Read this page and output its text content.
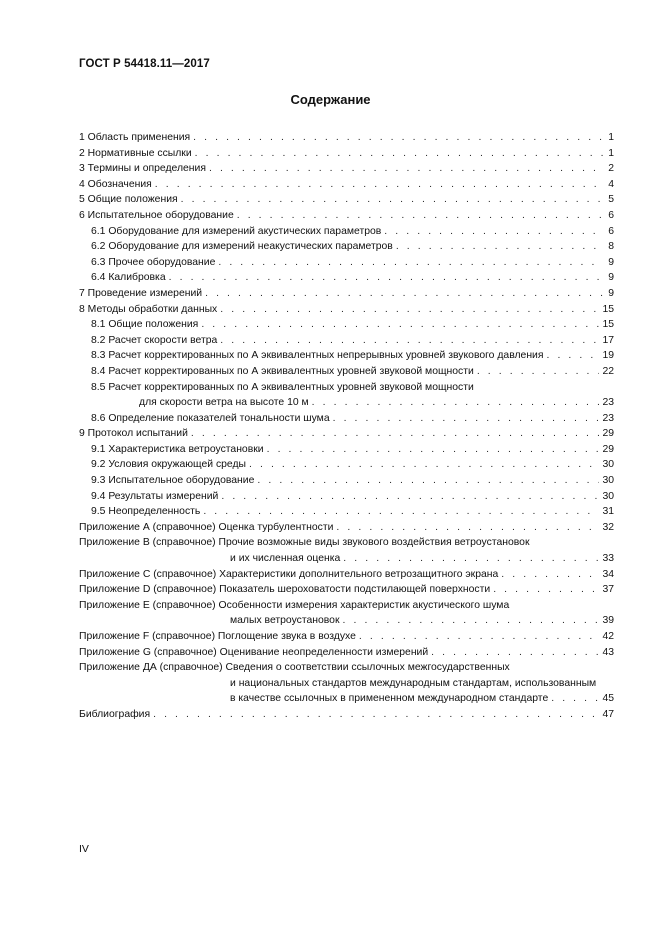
ГОСТ Р 54418.11—2017
Содержание
1 Область применения . . .	1
2 Нормативные ссылки . . .	1
3 Термины и определения . . .	2
4 Обозначения . . .	4
5 Общие положения . . .	5
6 Испытательное оборудование . . .	6
6.1 Оборудование для измерений акустических параметров . . .	6
6.2 Оборудование для измерений неакустических параметров . . .	8
6.3 Прочее оборудование . . .	9
6.4 Калибровка . . .	9
7 Проведение измерений . . .	9
8 Методы обработки данных . . .	15
8.1 Общие положения . . .	15
8.2 Расчет скорости ветра . . .	17
8.3 Расчет корректированных по А эквивалентных непрерывных уровней звукового давления . . .	19
8.4 Расчет корректированных по А эквивалентных уровней звуковой мощности . . .	22
8.5 Расчет корректированных по А эквивалентных уровней звуковой мощности
для скорости ветра на высоте 10 м . . .	23
8.6 Определение показателей тональности шума . . .	23
9 Протокол испытаний . . .	29
9.1 Характеристика ветроустановки . . .	29
9.2 Условия окружающей среды . . .	30
9.3 Испытательное оборудование . . .	30
9.4 Результаты измерений . . .	30
9.5 Неопределенность . . .	31
Приложение А (справочное) Оценка турбулентности . . .	32
Приложение В (справочное) Прочие возможные виды звукового воздействия ветроустановок
и их численная оценка . . .	33
Приложение С (справочное) Характеристики дополнительного ветрозащитного экрана . . .	34
Приложение D (справочное) Показатель шероховатости подстилающей поверхности . . .	37
Приложение Е (справочное) Особенности измерения характеристик акустического шума
малых ветроустановок . . .	39
Приложение F (справочное) Поглощение звука в воздухе . . .	42
Приложение G (справочное) Оценивание неопределенности измерений . . .	43
Приложение ДА (справочное) Сведения о соответствии ссылочных межгосударственных
и национальных стандартов международным стандартам, использованным
в качестве ссылочных в примененном международном стандарте . . .	45
Библиография . . .	47
IV
